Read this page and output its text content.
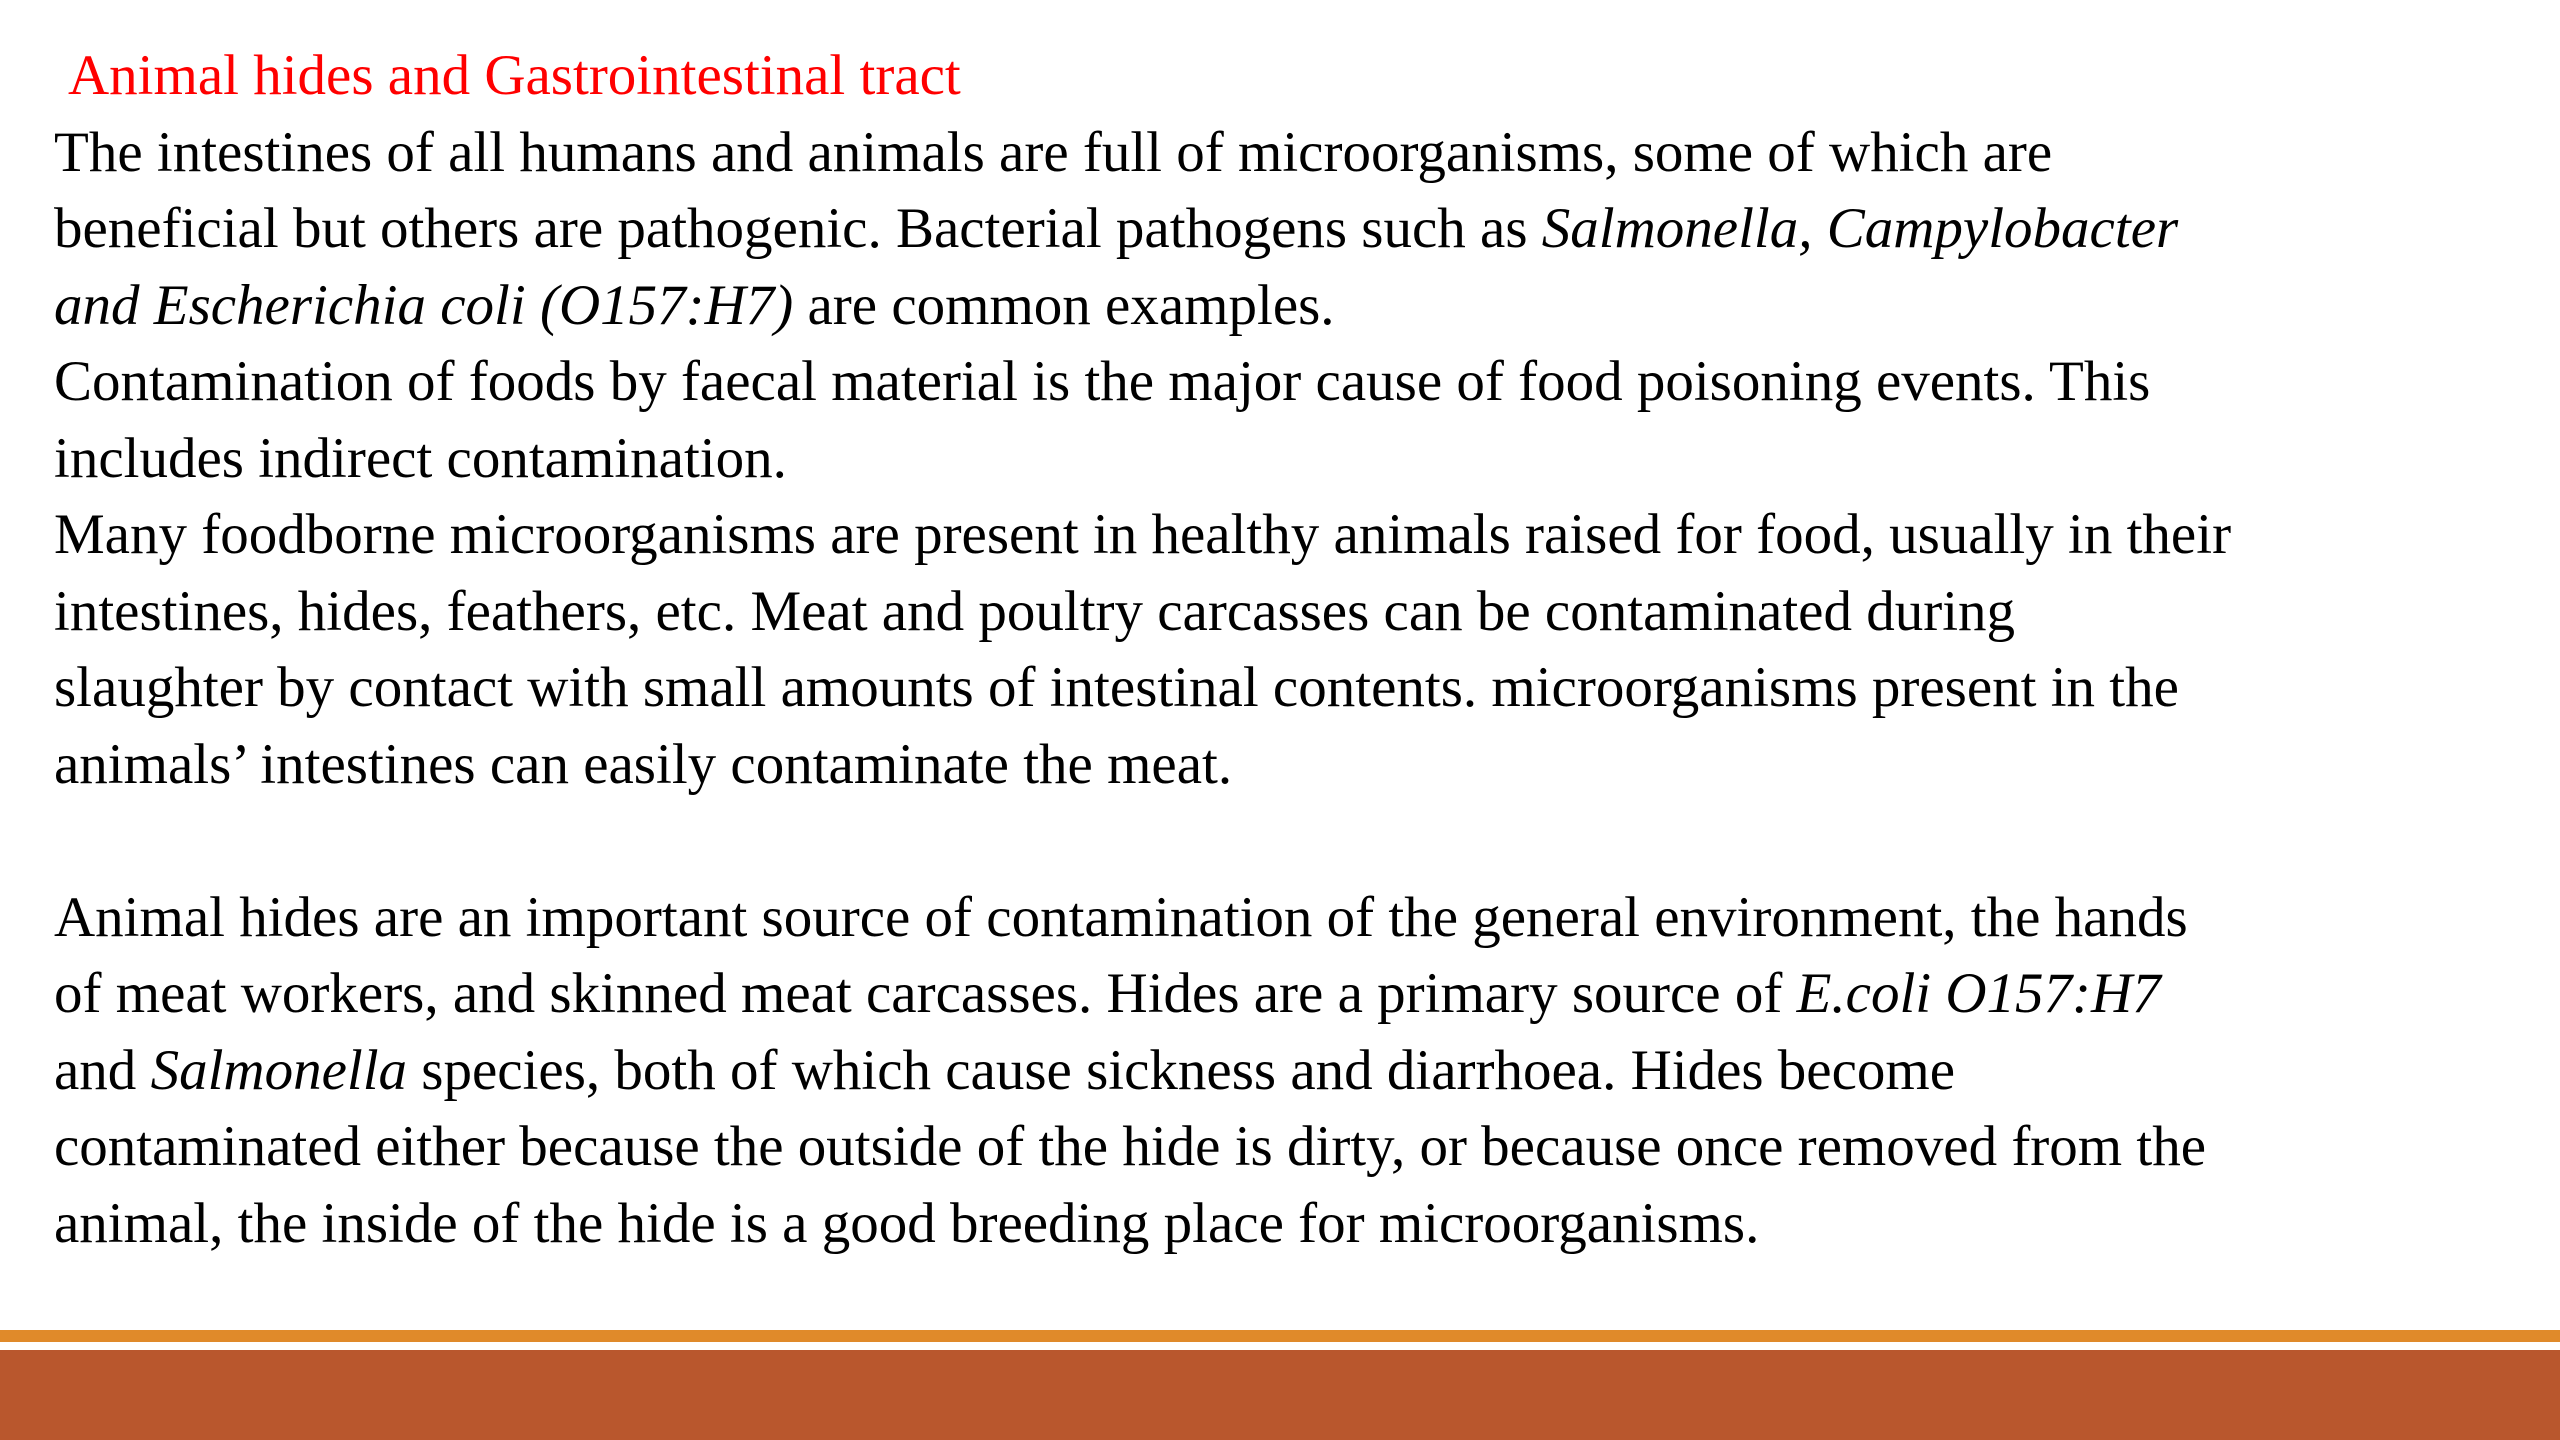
Animal hides and Gastrointestinal tract

The intestines of all humans and animals are full of microorganisms, some of which are
beneficial but others are pathogenic. Bacterial pathogens such as Salmonella, Campylobacter
and Escherichia coli (O157:H7) are common examples.

Contamination of foods by faecal material is the major cause of food poisoning events. This
includes indirect contamination.

Many foodborne microorganisms are present in healthy animals raised for food, usually in their
intestines, hides, feathers, etc. Meat and poultry carcasses can be contaminated during
slaughter by contact with small amounts of intestinal contents. microorganisms present in the
animals’ intestines can easily contaminate the meat.

Animal hides are an important source of contamination of the general environment, the hands
of meat workers, and skinned meat carcasses. Hides are a primary source of E.coli O157:H7
and Salmonella species, both of which cause sickness and diarrhoea. Hides become
contaminated either because the outside of the hide is dirty, or because once removed from the
animal, the inside of the hide is a good breeding place for microorganisms.
